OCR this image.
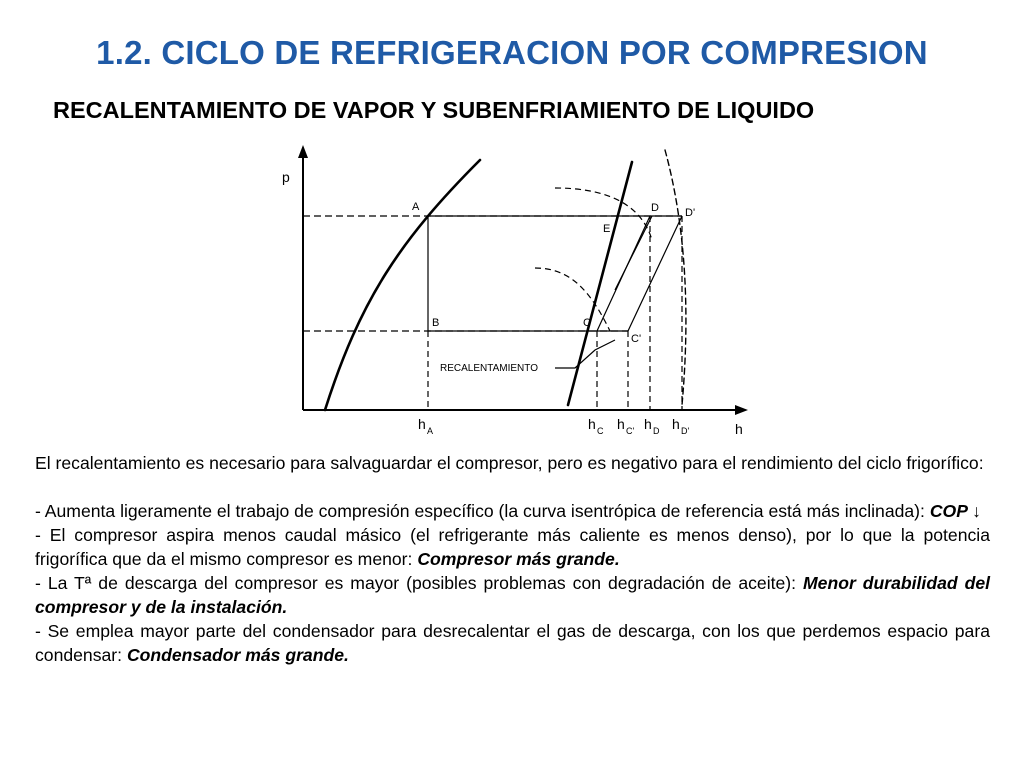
1.2. CICLO DE REFRIGERACION POR COMPRESION
RECALENTAMIENTO DE VAPOR Y SUBENFRIAMIENTO DE LIQUIDO
p
h
A
B	C
C'
D D'
E
RECALENTAMIENTO
h A	h C h C' h D h D'

El recalentamiento es necesario para salvaguardar el compresor, pero es negativo para el rendimiento del ciclo frigorífico:

- Aumenta ligeramente el trabajo de compresión específico (la curva isentrópica de referencia está más inclinada): COP ↓

- El compresor aspira menos caudal másico (el refrigerante más caliente es menos denso), por lo que la potencia frigorífica que da el mismo compresor es menor: Compresor más grande.

- La Tª de descarga del compresor es mayor (posibles problemas con degradación de aceite): Menor durabilidad del compresor y de la instalación.

- Se emplea mayor parte del condensador para desrecalentar el gas de descarga, con los que perdemos espacio para condensar: Condensador más grande.
